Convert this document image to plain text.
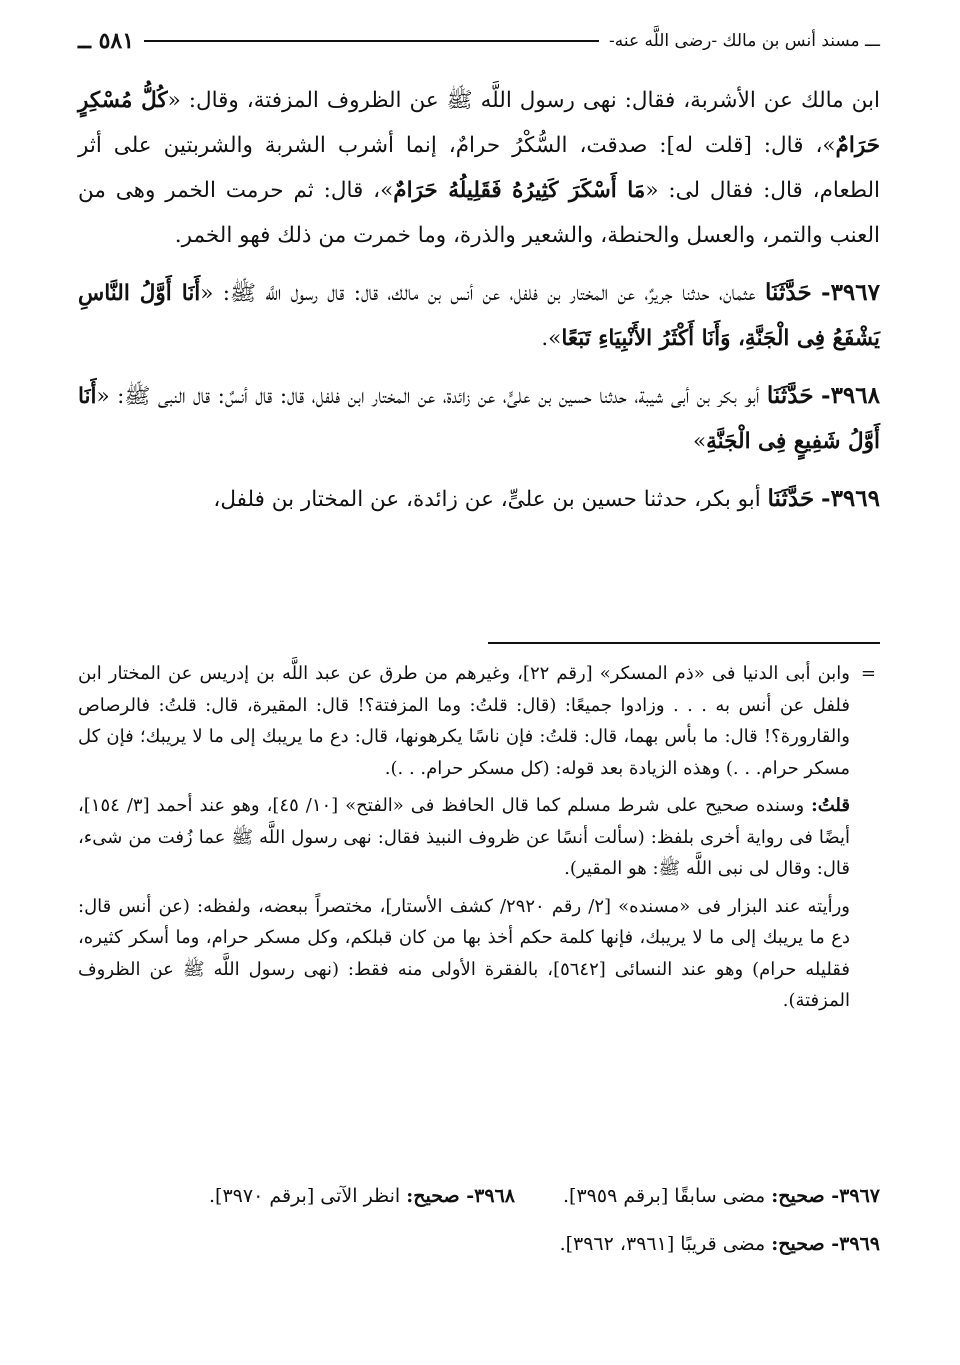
ـــ مسند أنس بن مالك -رضى اللَّه عنه-
٥٨١ ــ

ابن مالك عن الأشربة، فقال: نهى رسول اللَّه ﷺ عن الظروف المزفتة، وقال: «كُلُّ مُسْكِرٍ حَرَامٌ»، قال: [قلت له]: صدقت، السُّكْرُ حرامٌ، إنما أشرب الشربة والشربتين على أثر الطعام، قال: فقال لى: «مَا أَسْكَرَ كَثِيرُهُ فَقَلِيلُهُ حَرَامٌ»، قال: ثم حرمت الخمر وهى من العنب والتمر، والعسل والحنطة، والشعير والذرة، وما خمرت من ذلك فهو الخمر.

٣٩٦٧- حَدَّثَنَا عثمان، حدثنا جريرٌ، عن المختار بن فلفل، عن أنس بن مالك، قال: قال رسول اللَّه ﷺ: «أَنَا أَوَّلُ النَّاسِ يَشْفَعُ فِى الْجَنَّةِ، وَأَنَا أَكْثَرُ الأَنْبِيَاءِ تَبَعًا».

٣٩٦٨- حَدَّثَنَا أبو بكر بن أبى شيبة، حدثنا حسين بن علىٍّ، عن زائدة، عن المختار ابن فلفل، قال: قال أنسٌ: قال النبى ﷺ: «أَنَا أَوَّلُ شَفِيعٍ فِى الْجَنَّةِ»

٣٩٦٩- حَدَّثَنَا أبو بكر، حدثنا حسين بن علىٍّ، عن زائدة، عن المختار بن فلفل،

=
وابن أبى الدنيا فى «ذم المسكر» [رقم ٢٢]، وغيرهم من طرق عن عبد اللَّه بن إدريس عن المختار ابن فلفل عن أنس به . . . وزادوا جميعًا: (قال: قلتُ: وما المزفتة؟! قال: المقيرة، قال: قلتُ: فالرصاص والقارورة؟! قال: ما بأس بهما، قال: قلتُ: فإن ناسًا يكرهونها، قال: دع ما يريبك إلى ما لا يريبك؛ فإن كل مسكر حرام. . .) وهذه الزيادة بعد قوله: (كل مسكر حرام. . .).

قلتُ: وسنده صحيح على شرط مسلم كما قال الحافظ فى «الفتح» [١٠/ ٤٥]، وهو عند أحمد [٣/ ١٥٤]، أيضًا فى رواية أخرى بلفظ: (سألت أنسًا عن ظروف النبيذ فقال: نهى رسول اللَّه ﷺ عما زُفت من شىء، قال: وقال لى نبى اللَّه ﷺ: هو المقير).

ورأيته عند البزار فى «مسنده» [٢/ رقم ٢٩٢٠/ كشف الأستار]، مختصراً ببعضه، ولفظه: (عن أنس قال: دع ما يريبك إلى ما لا يريبك، فإنها كلمة حكم أخذ بها من كان قبلكم، وكل مسكر حرام، وما أسكر كثيره، فقليله حرام) وهو عند النسائى [٥٦٤٢]، بالفقرة الأولى منه فقط: (نهى رسول اللَّه ﷺ عن الظروف المزفتة).

٣٩٦٧- صحيح: مضى سابقًا [برقم ٣٩٥٩].٣٩٦٨- صحيح: انظر الآتى [برقم ٣٩٧٠].
٣٩٦٩- صحيح: مضى قريبًا [٣٩٦١، ٣٩٦٢].
